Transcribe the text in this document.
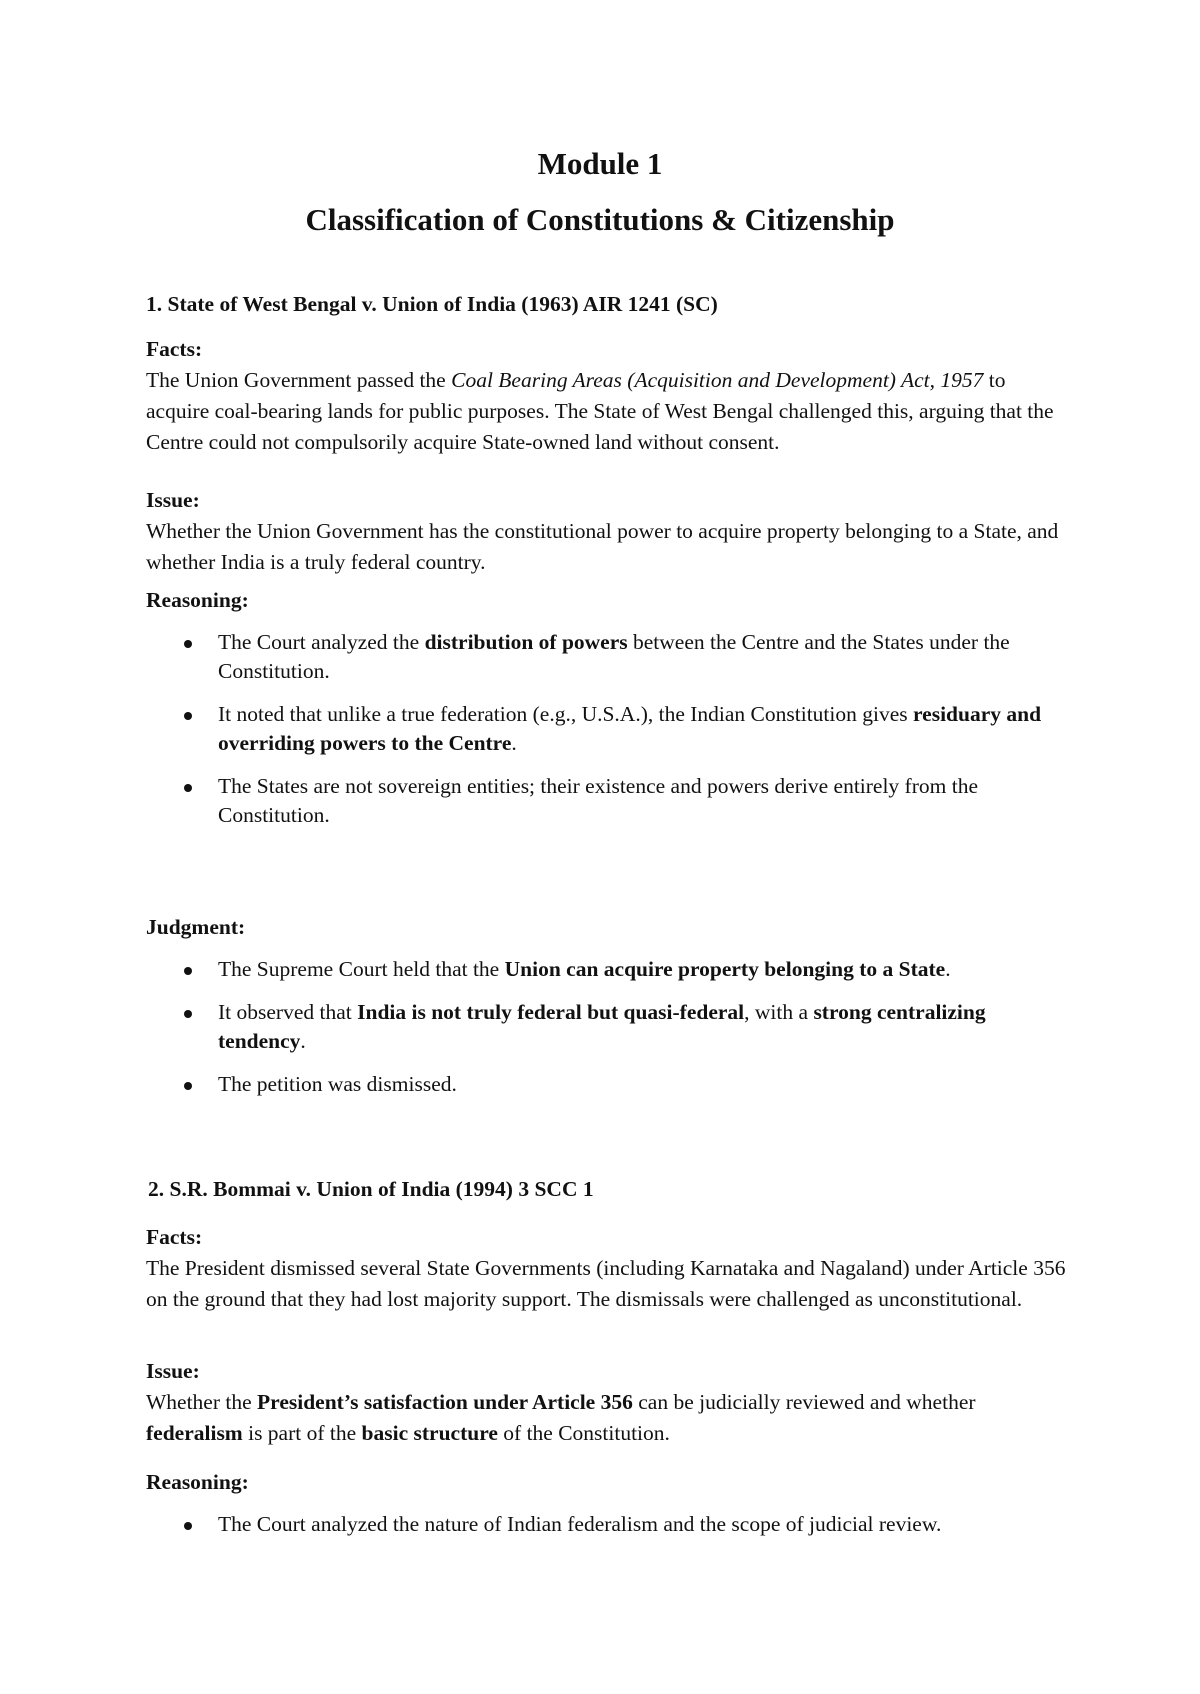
Module 1
Classification of Constitutions & Citizenship
1. State of West Bengal v. Union of India (1963) AIR 1241 (SC)
Facts:
The Union Government passed the Coal Bearing Areas (Acquisition and Development) Act, 1957 to acquire coal-bearing lands for public purposes. The State of West Bengal challenged this, arguing that the Centre could not compulsorily acquire State-owned land without consent.
Issue:
Whether the Union Government has the constitutional power to acquire property belonging to a State, and whether India is a truly federal country.
Reasoning:
The Court analyzed the distribution of powers between the Centre and the States under the Constitution.
It noted that unlike a true federation (e.g., U.S.A.), the Indian Constitution gives residuary and overriding powers to the Centre.
The States are not sovereign entities; their existence and powers derive entirely from the Constitution.
Judgment:
The Supreme Court held that the Union can acquire property belonging to a State.
It observed that India is not truly federal but quasi-federal, with a strong centralizing tendency.
The petition was dismissed.
2. S.R. Bommai v. Union of India (1994) 3 SCC 1
Facts:
The President dismissed several State Governments (including Karnataka and Nagaland) under Article 356 on the ground that they had lost majority support. The dismissals were challenged as unconstitutional.
Issue:
Whether the President’s satisfaction under Article 356 can be judicially reviewed and whether federalism is part of the basic structure of the Constitution.
Reasoning:
The Court analyzed the nature of Indian federalism and the scope of judicial review.
